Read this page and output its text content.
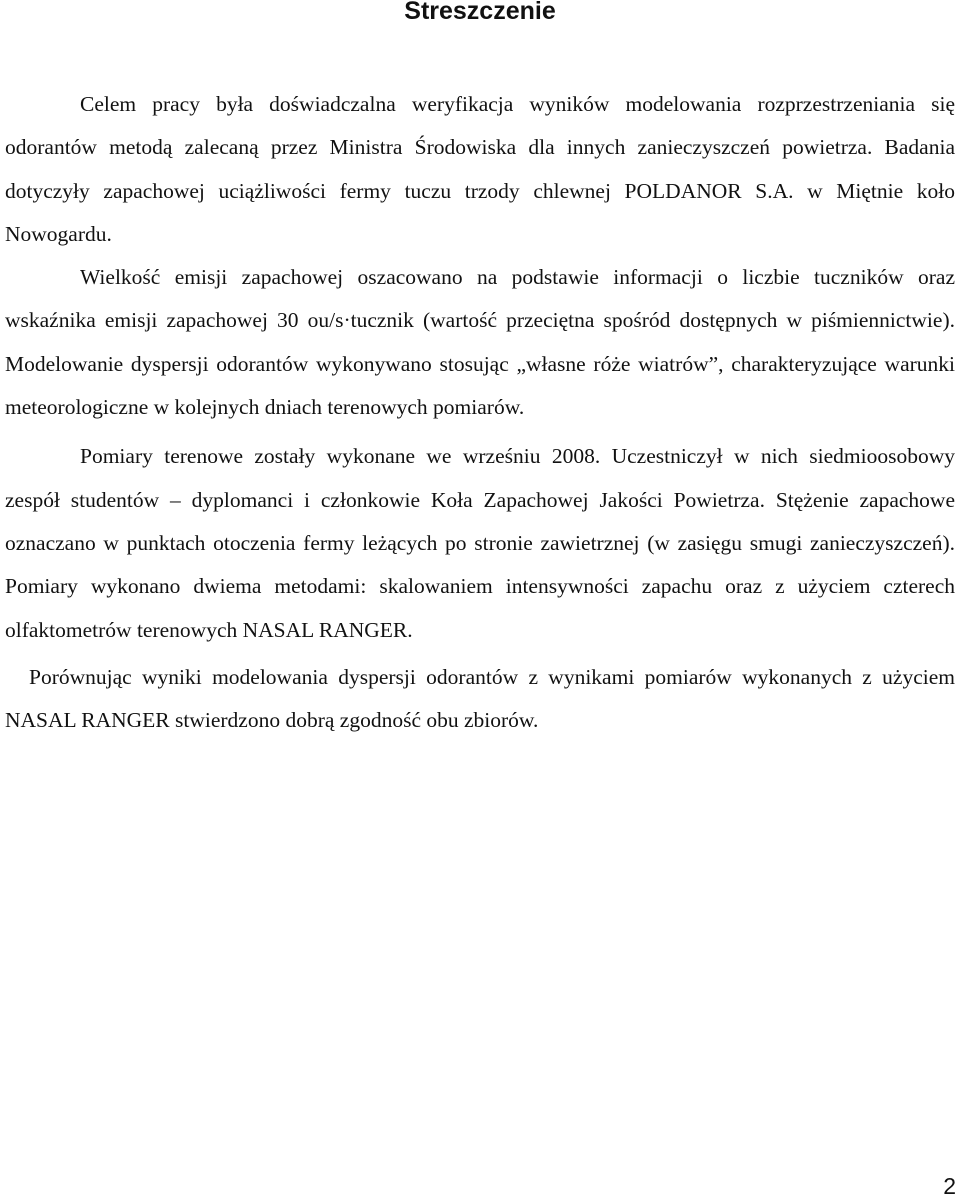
Streszczenie

Celem pracy była doświadczalna weryfikacja wyników modelowania rozprzestrzeniania się odorantów metodą zalecaną przez Ministra Środowiska dla innych zanieczyszczeń powietrza. Badania dotyczyły zapachowej uciążliwości fermy tuczu trzody chlewnej POLDANOR S.A. w Miętnie koło Nowogardu.

Wielkość emisji zapachowej oszacowano na podstawie informacji o liczbie tuczników oraz wskaźnika emisji zapachowej 30 ou/s·tucznik (wartość przeciętna spośród dostępnych w piśmiennictwie). Modelowanie dyspersji odorantów wykonywano stosując „własne róże wiatrów”, charakteryzujące warunki meteorologiczne w kolejnych dniach terenowych pomiarów.

Pomiary terenowe zostały wykonane we wrześniu 2008. Uczestniczył w nich siedmioosobowy zespół studentów – dyplomanci i członkowie Koła Zapachowej Jakości Powietrza. Stężenie zapachowe oznaczano w punktach otoczenia fermy leżących po stronie zawietrznej (w zasięgu smugi zanieczyszczeń). Pomiary wykonano dwiema metodami: skalowaniem intensywności zapachu oraz z użyciem czterech olfaktometrów terenowych NASAL RANGER.

Porównując wyniki modelowania dyspersji odorantów z wynikami pomiarów wykonanych z użyciem NASAL RANGER stwierdzono dobrą zgodność obu zbiorów.

2
